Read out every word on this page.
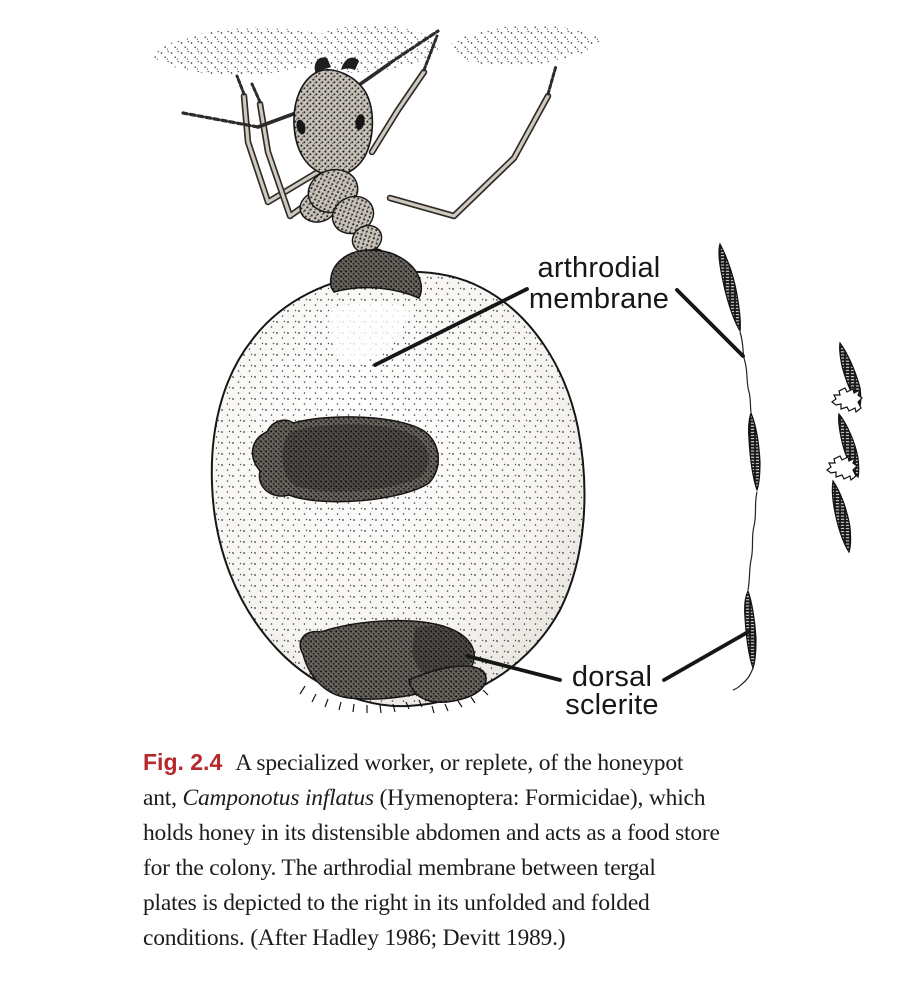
arthrodial
membrane
dorsal
sclerite
Fig. 2.4 A specialized worker, or replete, of the honeypot
ant, Camponotus inflatus (Hymenoptera: Formicidae), which
holds honey in its distensible abdomen and acts as a food store
for the colony. The arthrodial membrane between tergal
plates is depicted to the right in its unfolded and folded
conditions. (After Hadley 1986; Devitt 1989.)
